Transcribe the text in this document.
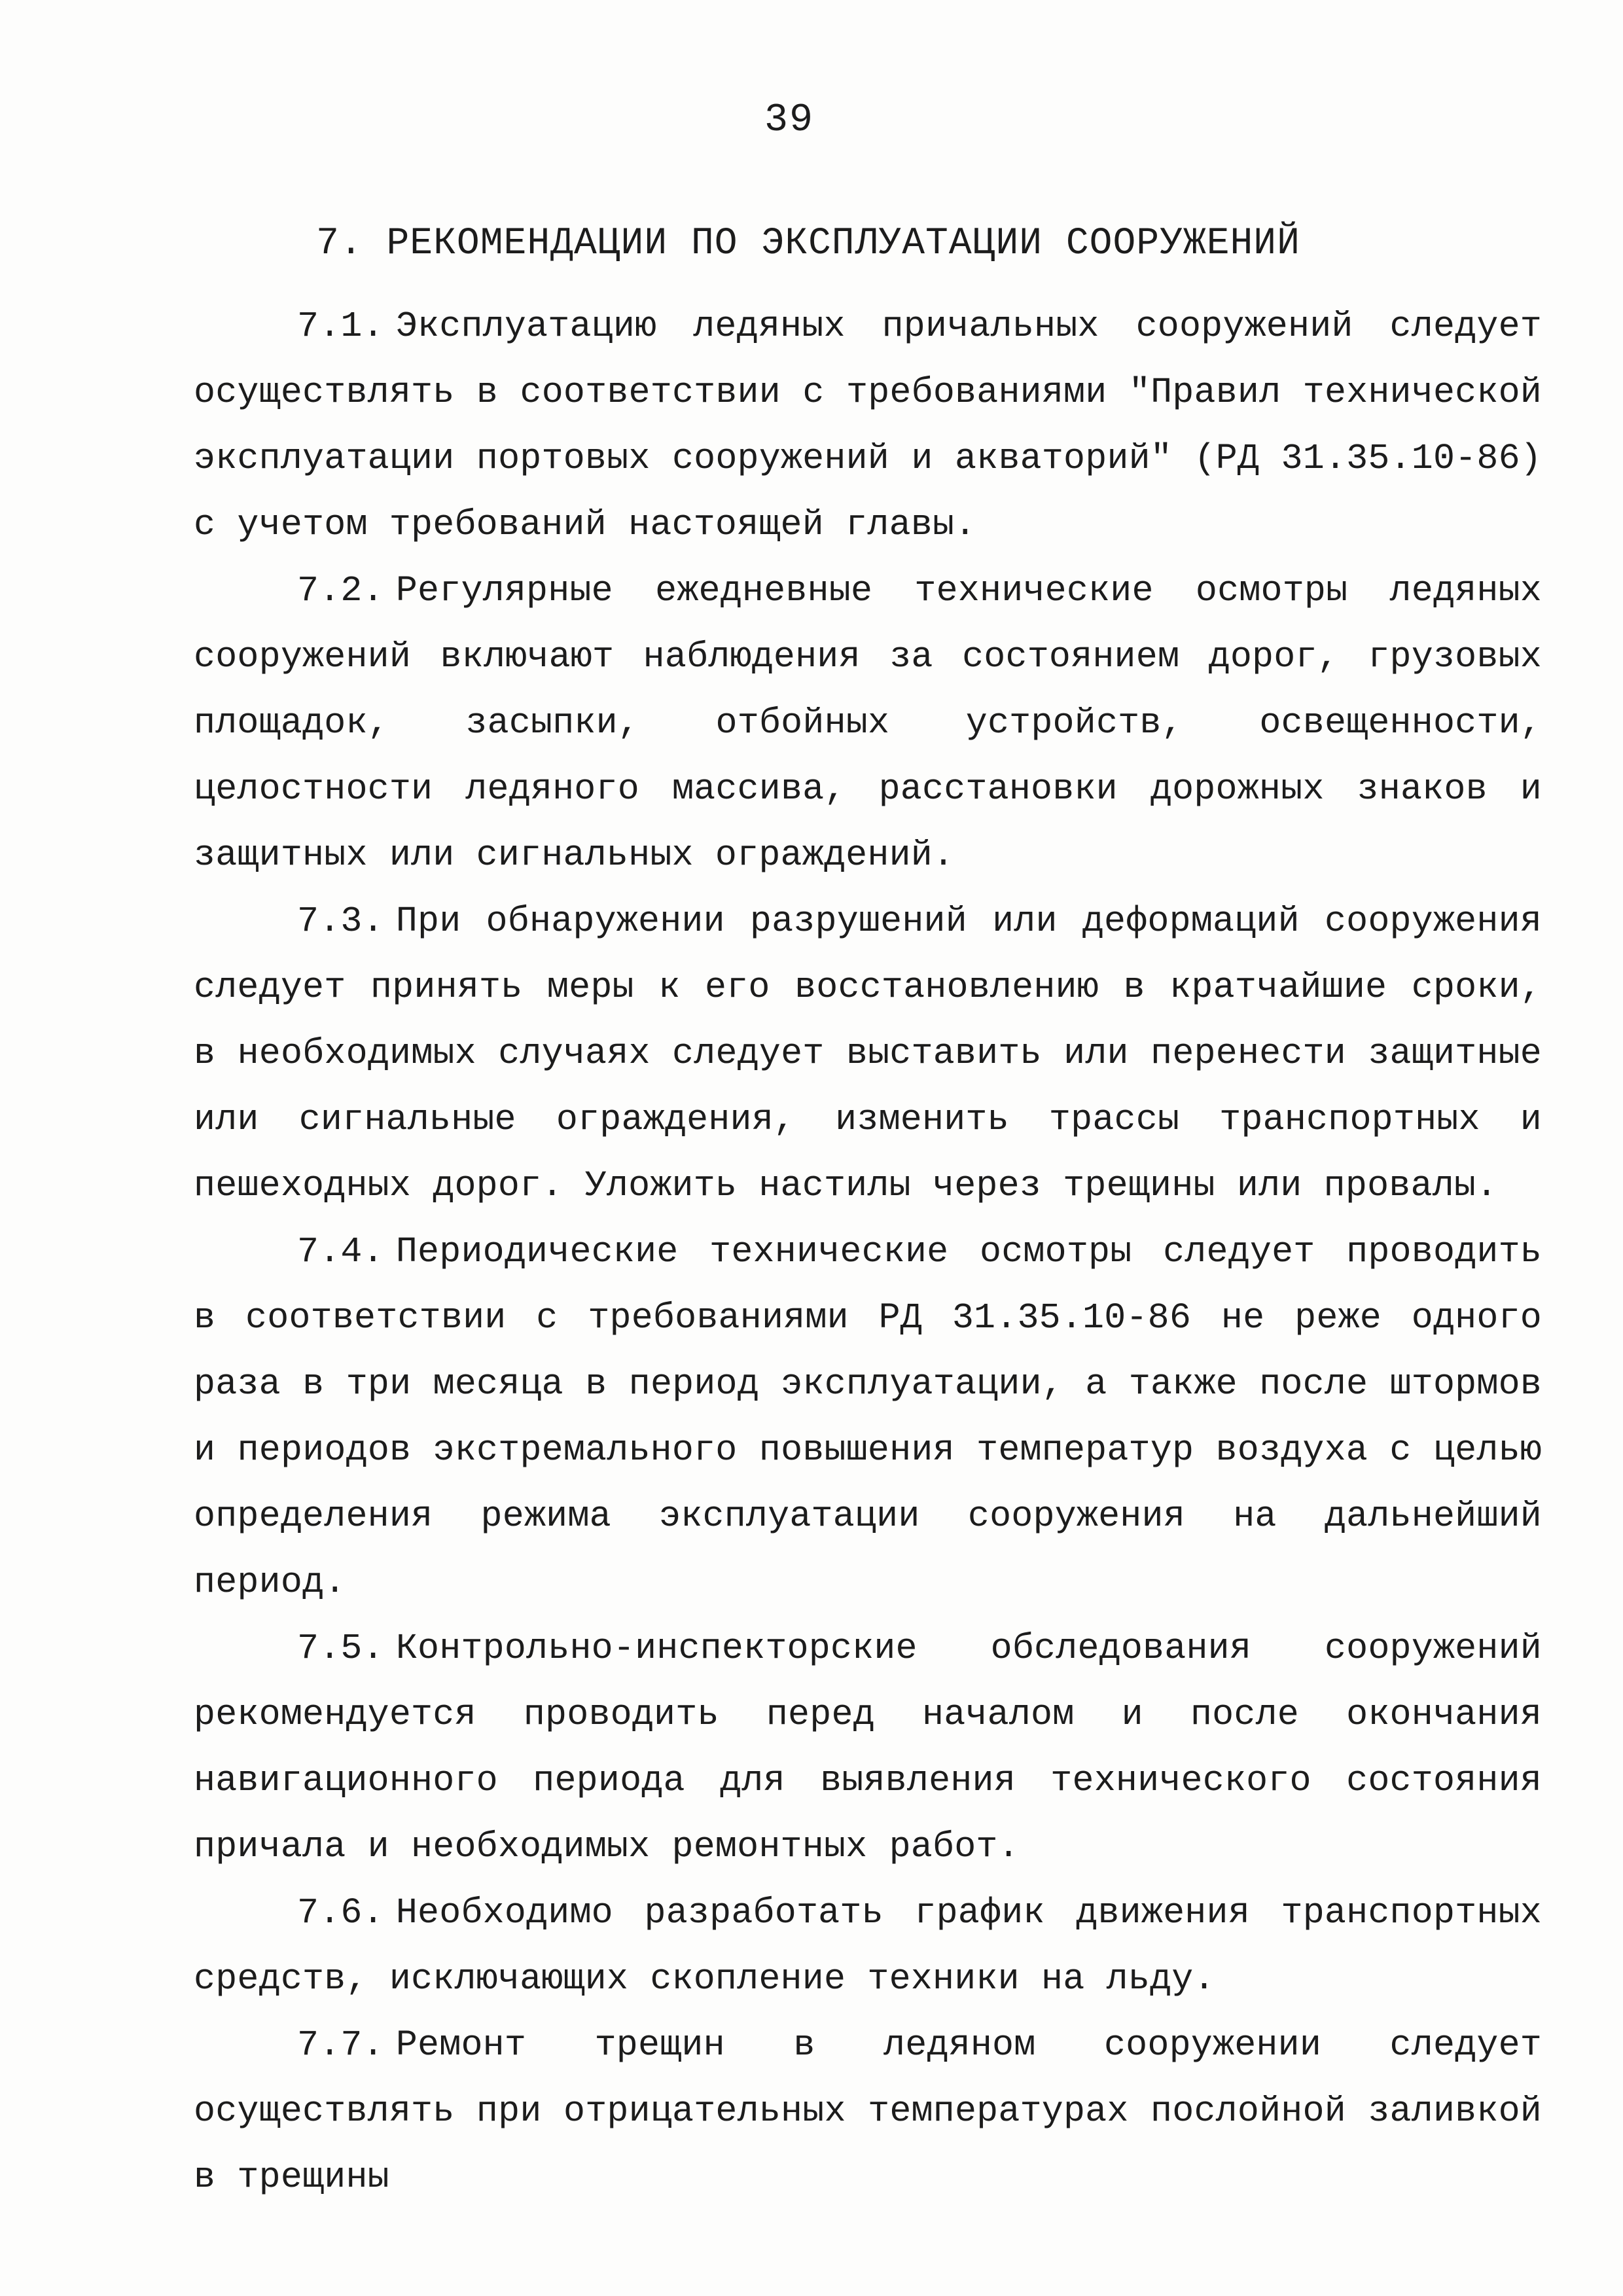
39
7. РЕКОМЕНДАЦИИ ПО ЭКСПЛУАТАЦИИ СООРУЖЕНИЙ

7.1. Эксплуатацию ледяных причальных сооружений следует осуществлять в соответствии с требованиями "Правил технической эксплуатации портовых сооружений и акваторий" (РД 31.35.10-86) с учетом требований настоящей главы.

7.2. Регулярные ежедневные технические осмотры ледяных сооружений включают наблюдения за состоянием дорог, грузовых площадок, засыпки, отбойных устройств, освещенности, целостности ледяного массива, расстановки дорожных знаков и защитных или сигнальных ограждений.

7.3. При обнаружении разрушений или деформаций сооружения следует принять меры к его восстановлению в кратчайшие сроки, в необходимых случаях следует выставить или перенести защитные или сигнальные ограждения, изменить трассы транспортных и пешеходных дорог. Уложить настилы через трещины или провалы.

7.4. Периодические технические осмотры следует проводить в соответствии с требованиями РД 31.35.10-86 не реже одного раза в три месяца в период эксплуатации, а также после штормов и периодов экстремального повышения температур воздуха с целью определения режима эксплуатации сооружения на дальнейший период.

7.5. Контрольно-инспекторские обследования сооружений рекомендуется проводить перед началом и после окончания навигационного периода для выявления технического состояния причала и необходимых ремонтных работ.

7.6. Необходимо разработать график движения транспортных средств, исключающих скопление техники на льду.

7.7. Ремонт трещин в ледяном сооружении следует осуществлять при отрицательных температурах послойной заливкой в трещины
